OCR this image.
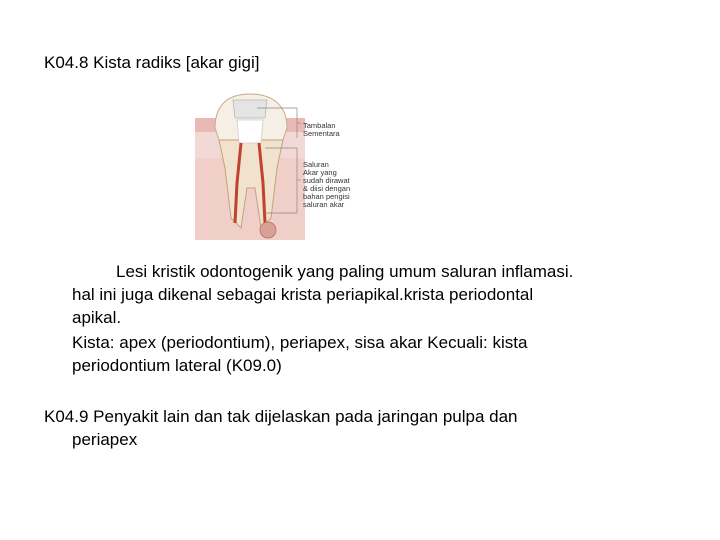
K04.8 Kista radiks [akar gigi]
Tambalan
Sementara
Saluran
Akar yang
sudah dirawat
& diisi dengan
bahan pengisi
saluran akar
Lesi kristik odontogenik yang paling umum saluran inflamasi.
hal ini juga dikenal sebagai krista periapikal.krista periodontal
apikal.
Kista: apex (periodontium), periapex, sisa akar Kecuali: kista
periodontium lateral (K09.0)
K04.9 Penyakit lain dan tak dijelaskan pada jaringan pulpa dan
periapex
